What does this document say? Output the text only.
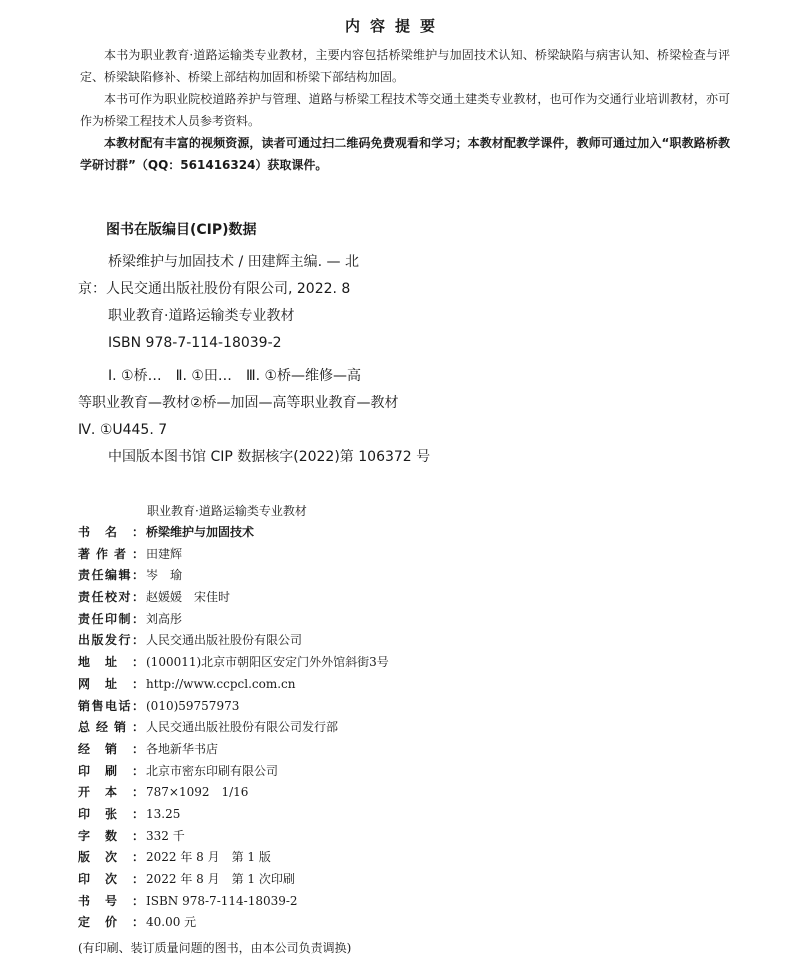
内容提要

本书为职业教育·道路运输类专业教材，主要内容包括桥梁维护与加固技术认知、桥梁缺陷与病害认知、桥梁检查与评定、桥梁缺陷修补、桥梁上部结构加固和桥梁下部结构加固。

本书可作为职业院校道路养护与管理、道路与桥梁工程技术等交通土建类专业教材，也可作为交通行业培训教材，亦可作为桥梁工程技术人员参考资料。

本教材配有丰富的视频资源，读者可通过扫二维码免费观看和学习；本教材配教学课件，教师可通过加入“职教路桥教学研讨群”（QQ：561416324）获取课件。

图书在版编目(CIP)数据
桥梁维护与加固技术 / 田建辉主编. — 北
京：人民交通出版社股份有限公司, 2022. 8
职业教育·道路运输类专业教材
ISBN 978-7-114-18039-2
Ⅰ. ①桥… Ⅱ. ①田… Ⅲ. ①桥—维修—高
等职业教育—教材②桥—加固—高等职业教育—教材
Ⅳ. ①U445. 7
中国版本图书馆 CIP 数据核字(2022)第 106372 号
职业教育·道路运输类专业教材
书名： 桥梁维护与加固技术
著作者： 田建辉
责任编辑： 岑　瑜
责任校对： 赵媛媛　宋佳时
责任印制： 刘高彤
出版发行： 人民交通出版社股份有限公司
地址： (100011)北京市朝阳区安定门外外馆斜街3号
网址： http://www.ccpcl.com.cn
销售电话： (010)59757973
总经销： 人民交通出版社股份有限公司发行部
经销： 各地新华书店
印刷： 北京市密东印刷有限公司
开本： 787×1092　1/16
印张： 13.25
字数： 332 千
版次： 2022 年 8 月　第 1 版
印次： 2022 年 8 月　第 1 次印刷
书号： ISBN 978-7-114-18039-2
定价： 40.00 元
(有印刷、装订质量问题的图书，由本公司负责调换)
